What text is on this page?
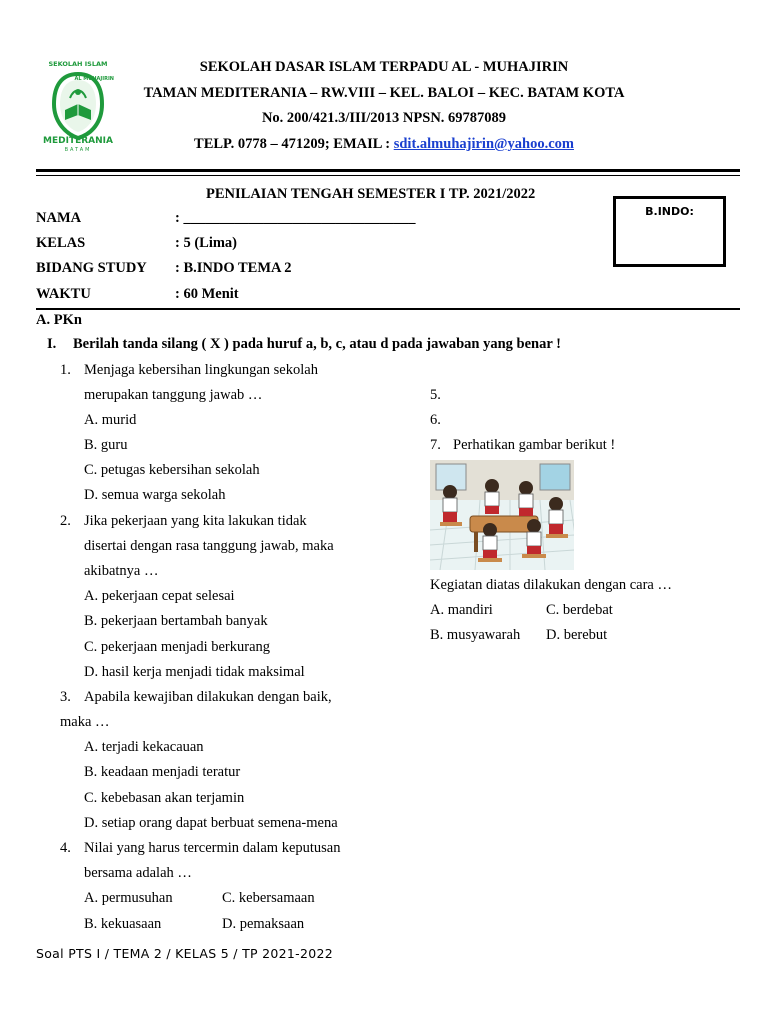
SEKOLAH ISLAM
AL MUHAJIRIN
MEDITERANIA
BATAM
SEKOLAH DASAR ISLAM TERPADU AL - MUHAJIRIN
TAMAN MEDITERANIA – RW.VIII – KEL. BALOI – KEC. BATAM KOTA
No. 200/421.3/III/2013 NPSN. 69787089
TELP. 0778 – 471209; EMAIL : sdit.almuhajirin@yahoo.com
PENILAIAN TENGAH SEMESTER I TP. 2021/2022
B.INDO:
NAMA	: ________________________________
KELAS	: 5 (Lima)
BIDANG STUDY : B.INDO TEMA 2
WAKTU	: 60 Menit
A. PKn
I. Berilah tanda silang ( X ) pada huruf a, b, c, atau d pada jawaban yang benar !
1. Menjaga kebersihan lingkungan sekolah
merupakan tanggung jawab …
A. murid
B. guru
C. petugas kebersihan sekolah
D. semua warga sekolah
2. Jika pekerjaan yang kita lakukan tidak
disertai dengan rasa tanggung jawab, maka
akibatnya …
A. pekerjaan cepat selesai
B. pekerjaan bertambah banyak
C. pekerjaan menjadi berkurang
D. hasil kerja menjadi tidak maksimal
3. Apabila kewajiban dilakukan dengan baik,
maka …
A. terjadi kekacauan
B. keadaan menjadi teratur
C. kebebasan akan terjamin
D. setiap orang dapat berbuat semena-mena
4. Nilai yang harus tercermin dalam keputusan
bersama adalah …
A. permusuhan	C. kebersamaan
B. kekuasaan	D. pemaksaan
5.
6.
7. Perhatikan gambar berikut !
Kegiatan diatas dilakukan dengan cara …
A. mandiri	C. berdebat
B. musyawarah D. berebut
Soal PTS I / TEMA 2 / KELAS 5 / TP 2021-2022
